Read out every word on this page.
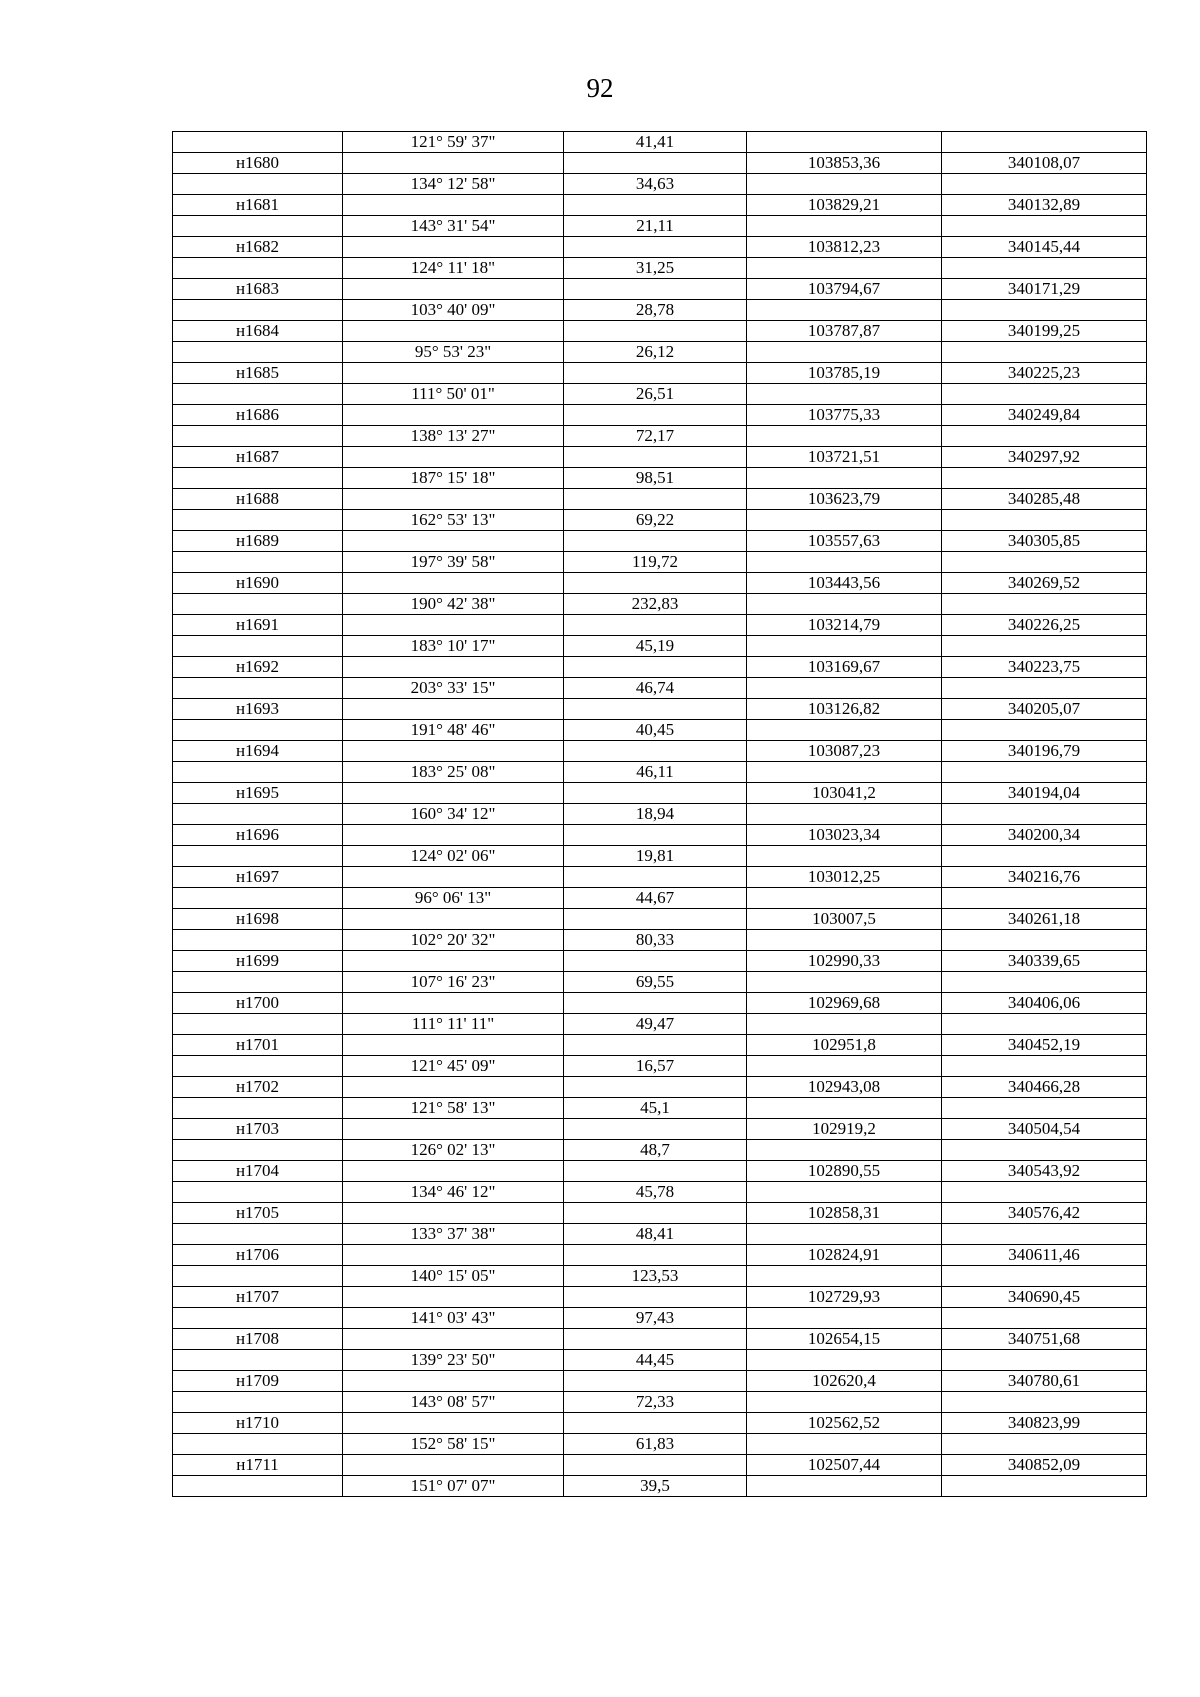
92
	121° 59' 37"	41,41		
н1680			103853,36	340108,07
	134° 12' 58"	34,63		
н1681			103829,21	340132,89
	143° 31' 54"	21,11		
н1682			103812,23	340145,44
	124° 11' 18"	31,25		
н1683			103794,67	340171,29
	103° 40' 09"	28,78		
н1684			103787,87	340199,25
	95° 53' 23"	26,12		
н1685			103785,19	340225,23
	111° 50' 01"	26,51		
н1686			103775,33	340249,84
	138° 13' 27"	72,17		
н1687			103721,51	340297,92
	187° 15' 18"	98,51		
н1688			103623,79	340285,48
	162° 53' 13"	69,22		
н1689			103557,63	340305,85
	197° 39' 58"	119,72		
н1690			103443,56	340269,52
	190° 42' 38"	232,83		
н1691			103214,79	340226,25
	183° 10' 17"	45,19		
н1692			103169,67	340223,75
	203° 33' 15"	46,74		
н1693			103126,82	340205,07
	191° 48' 46"	40,45		
н1694			103087,23	340196,79
	183° 25' 08"	46,11		
н1695			103041,2	340194,04
	160° 34' 12"	18,94		
н1696			103023,34	340200,34
	124° 02' 06"	19,81		
н1697			103012,25	340216,76
	96° 06' 13"	44,67		
н1698			103007,5	340261,18
	102° 20' 32"	80,33		
н1699			102990,33	340339,65
	107° 16' 23"	69,55		
н1700			102969,68	340406,06
	111° 11' 11"	49,47		
н1701			102951,8	340452,19
	121° 45' 09"	16,57		
н1702			102943,08	340466,28
	121° 58' 13"	45,1		
н1703			102919,2	340504,54
	126° 02' 13"	48,7		
н1704			102890,55	340543,92
	134° 46' 12"	45,78		
н1705			102858,31	340576,42
	133° 37' 38"	48,41		
н1706			102824,91	340611,46
	140° 15' 05"	123,53		
н1707			102729,93	340690,45
	141° 03' 43"	97,43		
н1708			102654,15	340751,68
	139° 23' 50"	44,45		
н1709			102620,4	340780,61
	143° 08' 57"	72,33		
н1710			102562,52	340823,99
	152° 58' 15"	61,83		
н1711			102507,44	340852,09
	151° 07' 07"	39,5		
